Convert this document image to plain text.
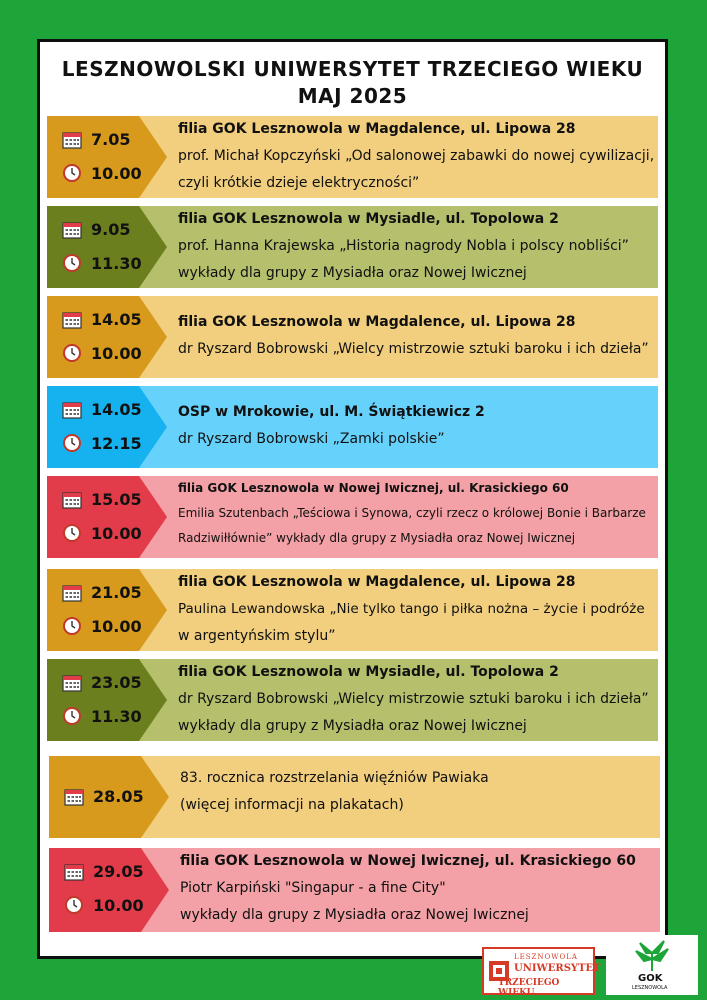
LESZNOWOLSKI UNIWERSYTET TRZECIEGO WIEKU
MAJ 2025
7.05
10.00
filia GOK Lesznowola w Magdalence, ul. Lipowa 28
prof. Michał Kopczyński „Od salonowej zabawki do nowej cywilizacji,
czyli krótkie dzieje elektryczności”
9.05
11.30
filia GOK Lesznowola w Mysiadle, ul. Topolowa 2
prof. Hanna Krajewska „Historia nagrody Nobla i polscy nobliści”
wykłady dla grupy z Mysiadła oraz Nowej Iwicznej
14.05
10.00
filia GOK Lesznowola w Magdalence, ul. Lipowa 28
dr Ryszard Bobrowski „Wielcy mistrzowie sztuki baroku i ich dzieła”
14.05
12.15
OSP w Mrokowie, ul. M. Świątkiewicz 2
dr Ryszard Bobrowski „Zamki polskie”
15.05
10.00
filia GOK Lesznowola w Nowej Iwicznej, ul. Krasickiego 60
Emilia Szutenbach „Teściowa i Synowa, czyli rzecz o królowej Bonie i Barbarze
Radziwiłłównie” wykłady dla grupy z Mysiadła oraz Nowej Iwicznej
21.05
10.00
filia GOK Lesznowola w Magdalence, ul. Lipowa 28
Paulina Lewandowska „Nie tylko tango i piłka nożna – życie i podróże
w argentyńskim stylu”
23.05
11.30
filia GOK Lesznowola w Mysiadle, ul. Topolowa 2
dr Ryszard Bobrowski „Wielcy mistrzowie sztuki baroku i ich dzieła”
wykłady dla grupy z Mysiadła oraz Nowej Iwicznej
28.05
83. rocznica rozstrzelania więźniów Pawiaka
(więcej informacji na plakatach)
29.05
10.00
filia GOK Lesznowola w Nowej Iwicznej, ul. Krasickiego 60
Piotr Karpiński "Singapur - a fine City"
wykłady dla grupy z Mysiadła oraz Nowej Iwicznej
LESZNOWOLA
UNIWERSYTET
TRZECIEGO WIEKU
GOK
LESZNOWOLA
